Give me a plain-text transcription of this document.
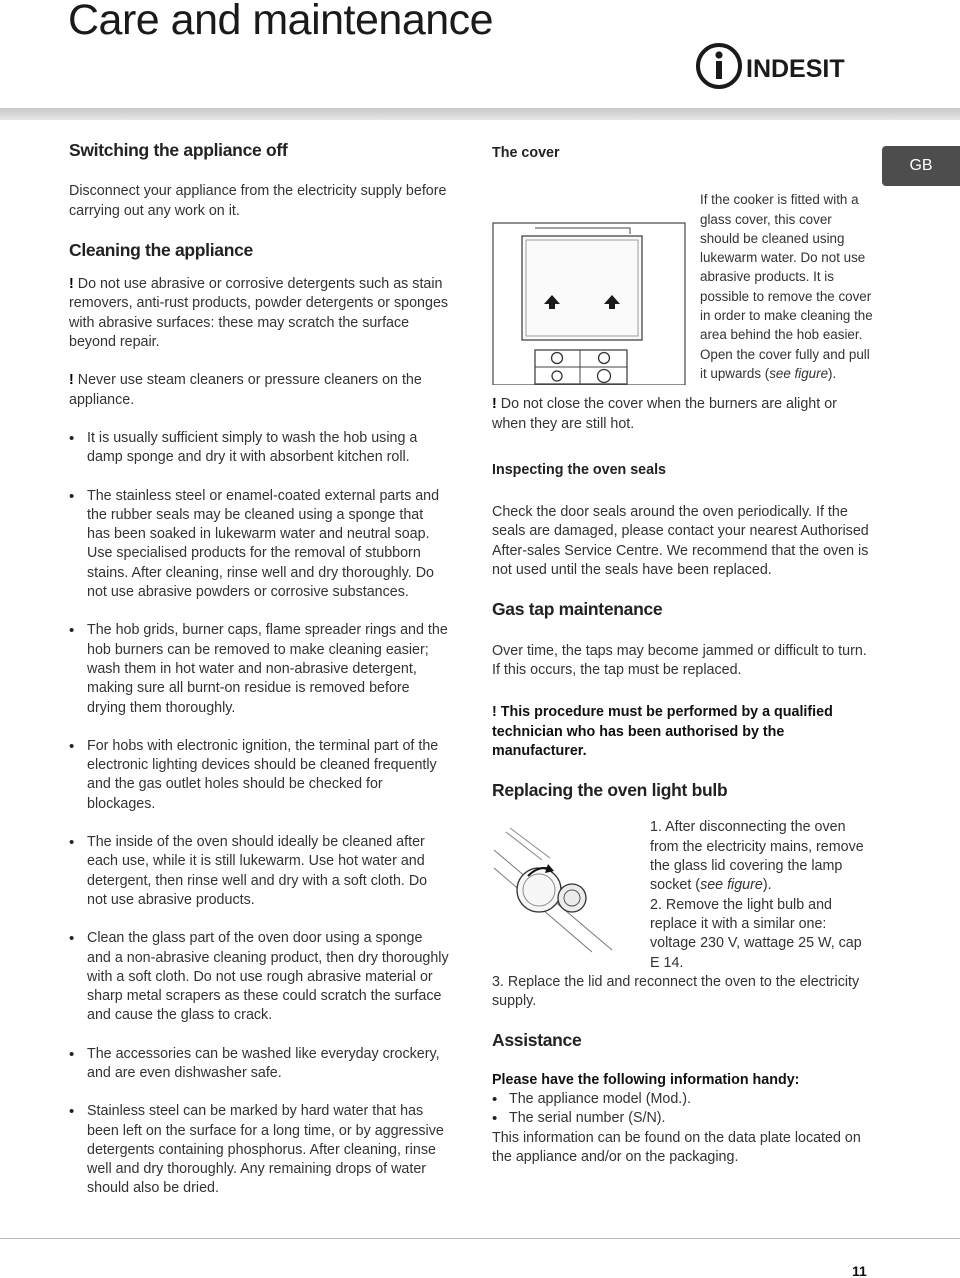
Care and maintenance
INDESIT
GB
Switching the appliance off

Disconnect your appliance from the electricity supply before carrying out any work on it.

Cleaning the appliance

! Do not use abrasive or corrosive detergents such as stain removers, anti-rust products, powder detergents or sponges with abrasive surfaces: these may scratch the surface beyond repair.

! Never use steam cleaners or pressure cleaners on the appliance.

• It is usually sufficient simply to wash the hob using a damp sponge and dry it with absorbent kitchen roll.
• The stainless steel or enamel-coated external parts and the rubber seals may be cleaned using a sponge that has been soaked in lukewarm water and neutral soap. Use specialised products for the removal of stubborn stains. After cleaning, rinse well and dry thoroughly. Do not use abrasive powders or corrosive substances.
• The hob grids, burner caps, flame spreader rings and the hob burners can be removed to make cleaning easier; wash them in hot water and non-abrasive detergent, making sure all burnt-on residue is removed before drying them thoroughly.
• For hobs with electronic ignition, the terminal part of the electronic lighting devices should be cleaned frequently and the gas outlet holes should be checked for blockages.
• The inside of the oven should ideally be cleaned after each use, while it is still lukewarm. Use hot water and detergent, then rinse well and dry with a soft cloth. Do not use abrasive products.
• Clean the glass part of the oven door using a sponge and a non-abrasive cleaning product, then dry thoroughly with a soft cloth. Do not use rough abrasive material or sharp metal scrapers as these could scratch the surface and cause the glass to crack.
• The accessories can be washed like everyday crockery, and are even dishwasher safe.
• Stainless steel can be marked by hard water that has been left on the surface for a long time, or by aggressive detergents containing phosphorus. After cleaning, rinse well and dry thoroughly. Any remaining drops of water should also be dried.
The cover

If the cooker is fitted with a glass cover, this cover should be cleaned using lukewarm water. Do not use abrasive products. It is possible to remove the cover in order to make cleaning the area behind the hob easier. Open the cover fully and pull it upwards (see figure).

! Do not close the cover when the burners are alight or when they are still hot.

Inspecting the oven seals

Check the door seals around the oven periodically. If the seals are damaged, please contact your nearest Authorised After-sales Service Centre. We recommend that the oven is not used until the seals have been replaced.

Gas tap maintenance

Over time, the taps may become jammed or difficult to turn. If this occurs, the tap must be replaced.

! This procedure must be performed by a qualified technician who has been authorised by the manufacturer.

Replacing the oven light bulb

1. After disconnecting the oven from the electricity mains, remove the glass lid covering the lamp socket (see figure).

2. Remove the light bulb and replace it with a similar one: voltage 230 V, wattage 25 W, cap E 14.

3. Replace the lid and reconnect the oven to the electricity supply.

Assistance

Please have the following information handy:

• The appliance model (Mod.).
• The serial number (S/N).

This information can be found on the data plate located on the appliance and/or on the packaging.

11
